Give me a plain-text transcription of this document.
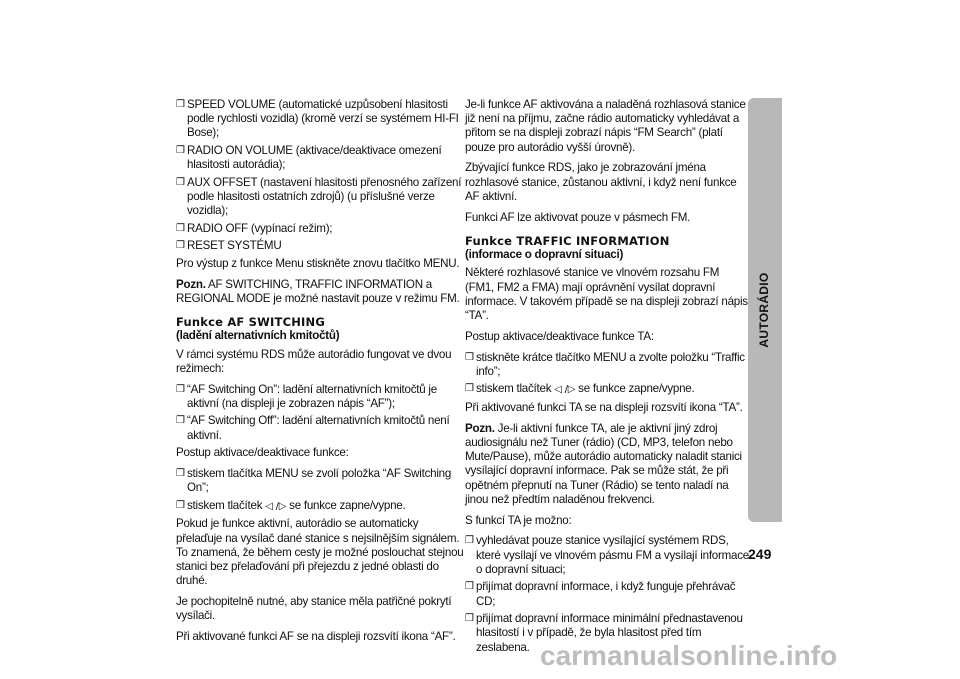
❒ SPEED VOLUME (automatické uzpůsobení hlasitosti podle rychlosti vozidla) (kromě verzí se systémem HI-FI Bose);
❒ RADIO ON VOLUME (aktivace/deaktivace omezení hlasitosti autorádia);
❒ AUX OFFSET (nastavení hlasitosti přenosného zařízení podle hlasitosti ostatních zdrojů) (u příslušné verze vozidla);
❒ RADIO OFF (vypínací režim);
❒ RESET SYSTÉMU

Pro výstup z funkce Menu stiskněte znovu tlačítko MENU.

Pozn. AF SWITCHING, TRAFFIC INFORMATION a REGIONAL MODE je možné nastavit pouze v režimu FM.

Funkce AF SWITCHING
(ladění alternativních kmitočtů)

V rámci systému RDS může autorádio fungovat ve dvou režimech:

❒ “AF Switching On”: ladění alternativních kmitočtů je aktivní (na displeji je zobrazen nápis “AF”);
❒ “AF Switching Off”: ladění alternativních kmitočtů není aktivní.

Postup aktivace/deaktivace funkce:

❒ stiskem tlačítka MENU se zvolí položka “AF Switching On”;
❒ stiskem tlačítek ◁ /▷ se funkce zapne/vypne.

Pokud je funkce aktivní, autorádio se automaticky přelaďuje na vysílač dané stanice s nejsilnějším signálem. To znamená, že během cesty je možné poslouchat stejnou stanici bez přelaďování při přejezdu z jedné oblasti do druhé.

Je pochopitelně nutné, aby stanice měla patřičné pokrytí vysílači.

Při aktivované funkci AF se na displeji rozsvítí ikona “AF”.

Je-li funkce AF aktivována a naladěná rozhlasová stanice již není na příjmu, začne rádio automaticky vyhledávat a přitom se na displeji zobrazí nápis “FM Search” (platí pouze pro autorádio vyšší úrovně).

Zbývající funkce RDS, jako je zobrazování jména rozhlasové stanice, zůstanou aktivní, i když není funkce AF aktivní.

Funkci AF lze aktivovat pouze v pásmech FM.

Funkce TRAFFIC INFORMATION
(informace o dopravní situaci)

Některé rozhlasové stanice ve vlnovém rozsahu FM (FM1, FM2 a FMA) mají oprávnění vysílat dopravní informace. V takovém případě se na displeji zobrazí nápis “TA”.

Postup aktivace/deaktivace funkce TA:

❒ stiskněte krátce tlačítko MENU a zvolte položku “Traffic info”;
❒ stiskem tlačítek ◁ /▷ se funkce zapne/vypne.

Při aktivované funkci TA se na displeji rozsvítí ikona “TA”.

Pozn. Je-li aktivní funkce TA, ale je aktivní jiný zdroj audiosignálu než Tuner (rádio) (CD, MP3, telefon nebo Mute/Pause), může autorádio automaticky naladit stanici vysílající dopravní informace. Pak se může stát, že při opětném přepnutí na Tuner (Rádio) se tento naladí na jinou než předtím naladěnou frekvenci.

S funkcí TA je možno:

❒ vyhledávat pouze stanice vysílající systémem RDS, které vysílají ve vlnovém pásmu FM a vysílají informace o dopravní situaci;
❒ přijímat dopravní informace, i když funguje přehrávač CD;
❒ přijímat dopravní informace minimální přednastavenou hlasitostí i v případě, že byla hlasitost před tím zeslabena.
AUTORÁDIO
249
carmanualsonline.info
